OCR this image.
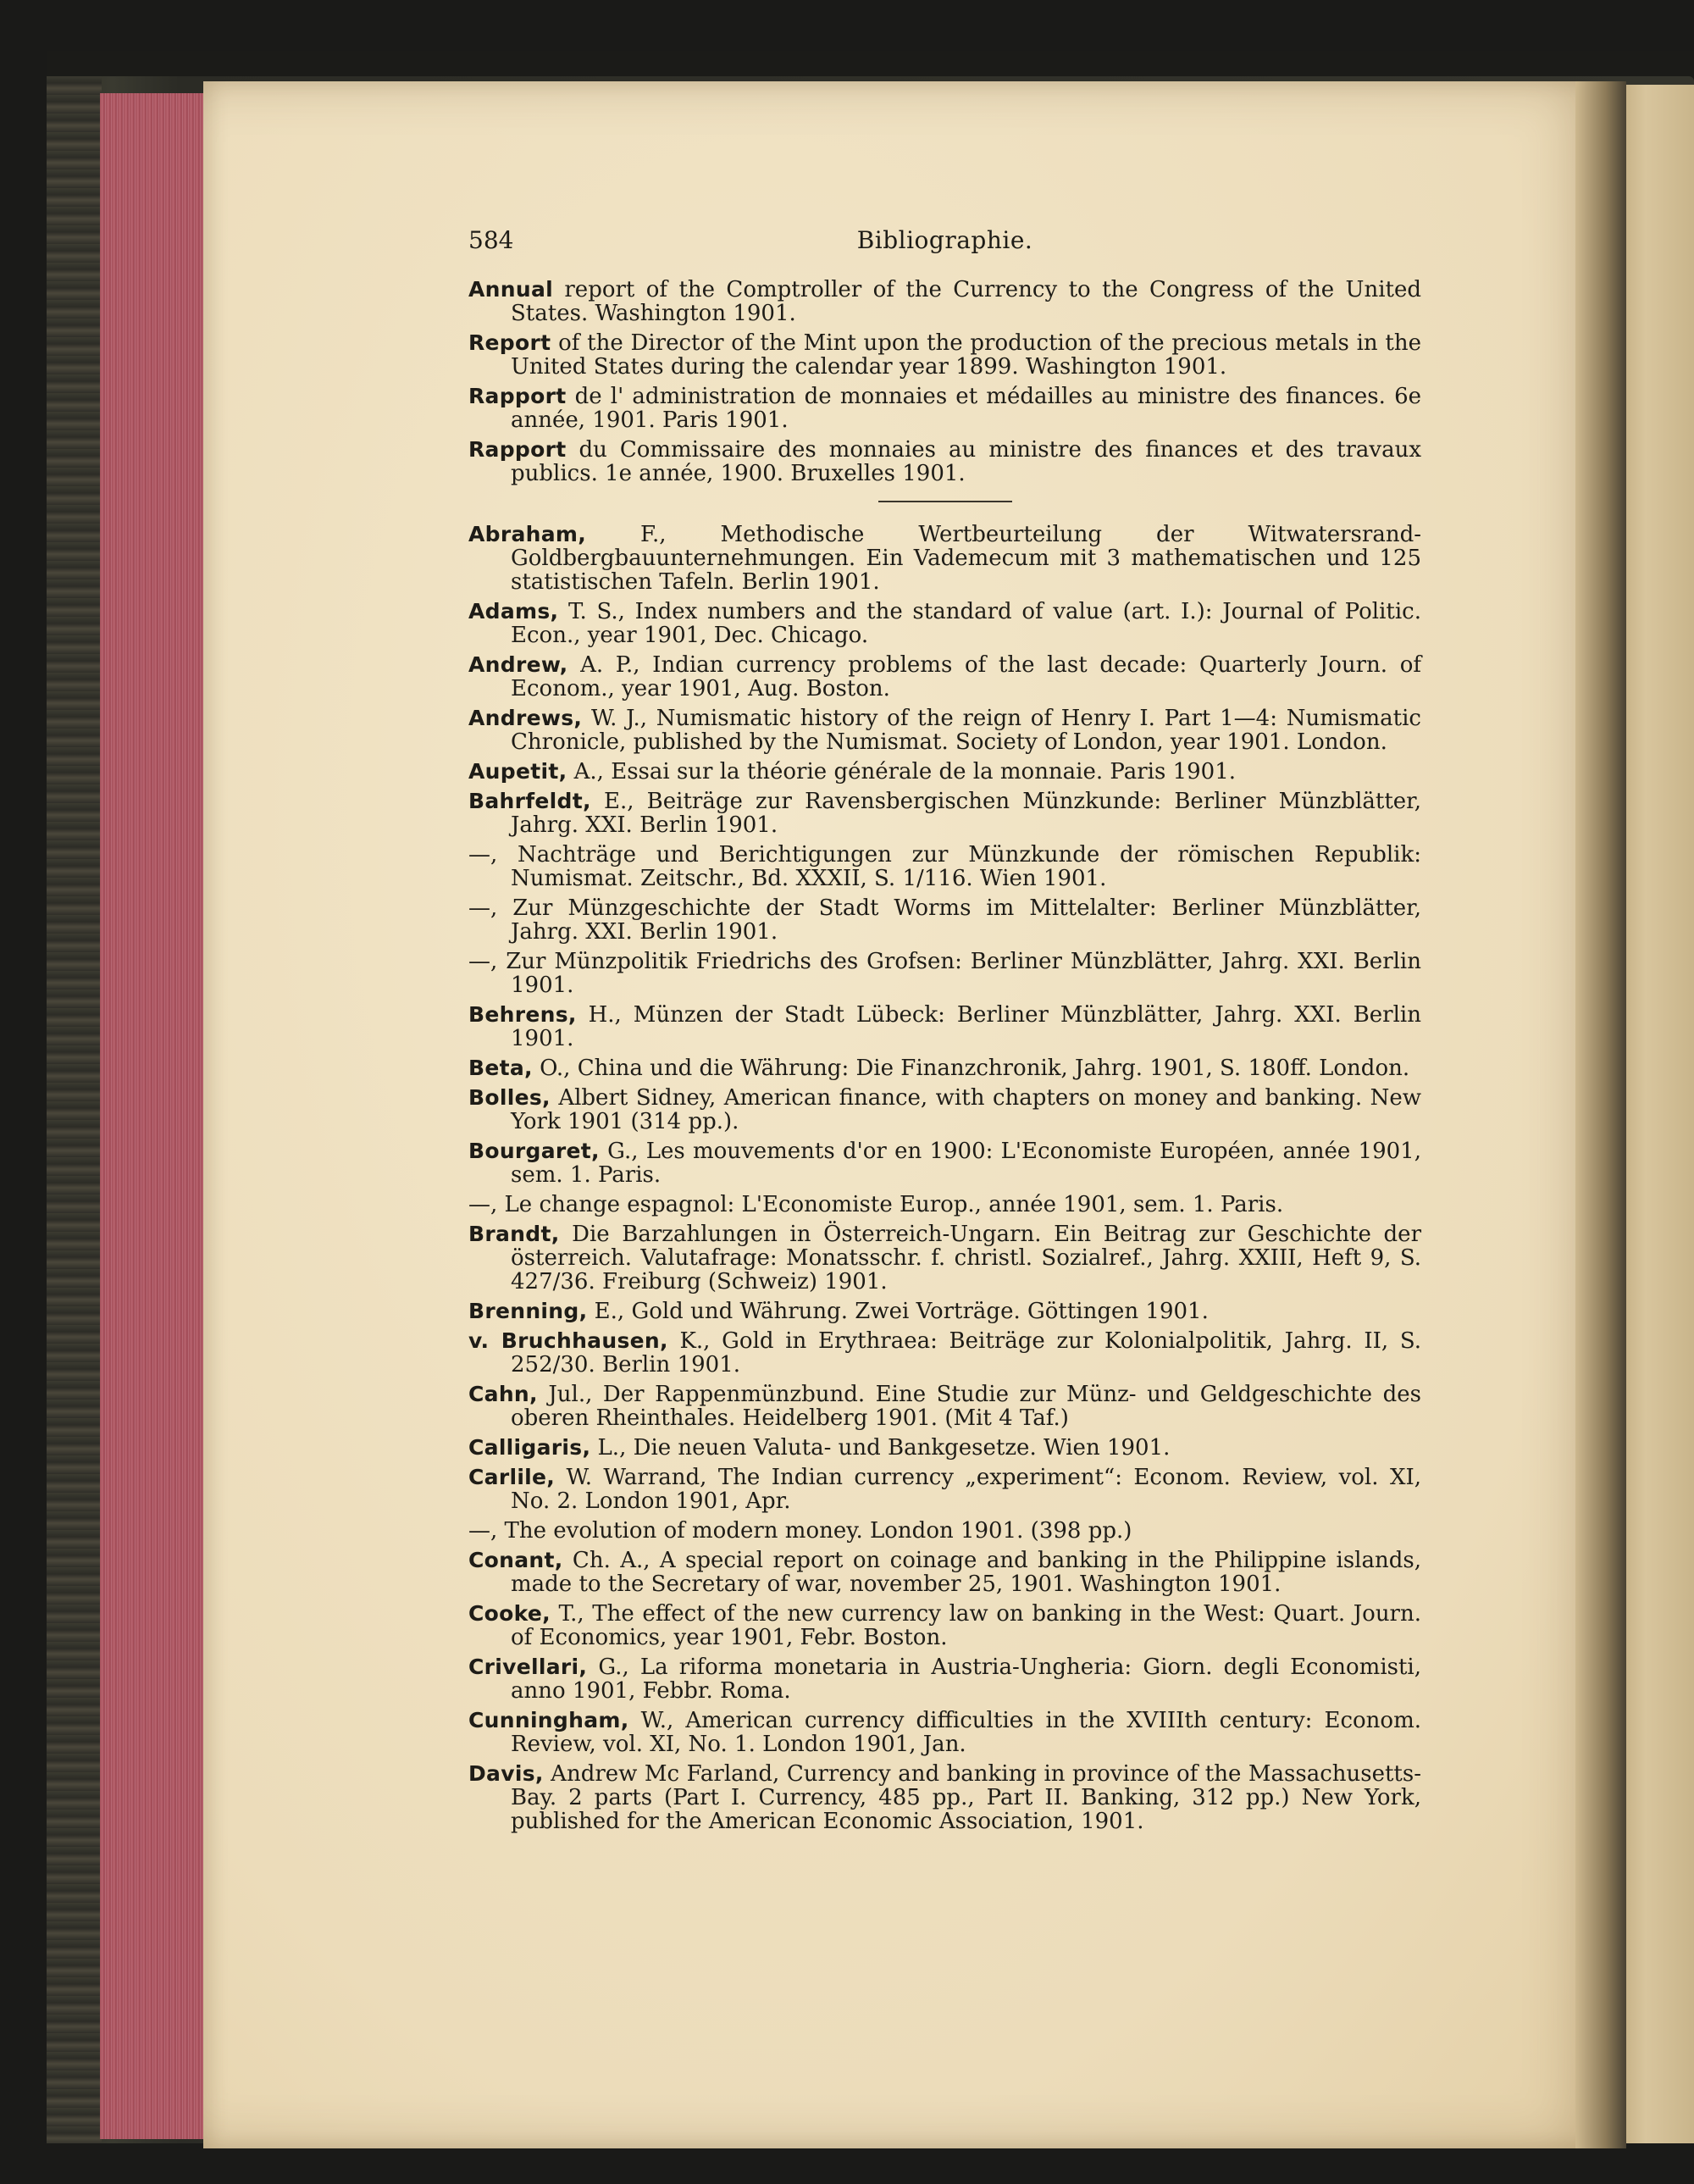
584	Bibliographie.

Annual report of the Comptroller of the Currency to the Congress of the United States. Washington 1901.

Report of the Director of the Mint upon the production of the precious metals in the United States during the calendar year 1899. Washington 1901.

Rapport de l' administration de monnaies et médailles au ministre des finances. 6e année, 1901. Paris 1901.

Rapport du Commissaire des monnaies au ministre des finances et des travaux publics. 1e année, 1900. Bruxelles 1901.

Abraham, F., Methodische Wertbeurteilung der Witwatersrand-Goldbergbauunternehmungen. Ein Vademecum mit 3 mathematischen und 125 statistischen Tafeln. Berlin 1901.

Adams, T. S., Index numbers and the standard of value (art. I.): Journal of Politic. Econ., year 1901, Dec. Chicago.

Andrew, A. P., Indian currency problems of the last decade: Quarterly Journ. of Econom., year 1901, Aug. Boston.

Andrews, W. J., Numismatic history of the reign of Henry I. Part 1—4: Numismatic Chronicle, published by the Numismat. Society of London, year 1901. London.

Aupetit, A., Essai sur la théorie générale de la monnaie. Paris 1901.

Bahrfeldt, E., Beiträge zur Ravensbergischen Münzkunde: Berliner Münzblätter, Jahrg. XXI. Berlin 1901.

—, Nachträge und Berichtigungen zur Münzkunde der römischen Republik: Numismat. Zeitschr., Bd. XXXII, S. 1/116. Wien 1901.

—, Zur Münzgeschichte der Stadt Worms im Mittelalter: Berliner Münzblätter, Jahrg. XXI. Berlin 1901.

—, Zur Münzpolitik Friedrichs des Grofsen: Berliner Münzblätter, Jahrg. XXI. Berlin 1901.

Behrens, H., Münzen der Stadt Lübeck: Berliner Münzblätter, Jahrg. XXI. Berlin 1901.

Beta, O., China und die Währung: Die Finanzchronik, Jahrg. 1901, S. 180ff. London.

Bolles, Albert Sidney, American finance, with chapters on money and banking. New York 1901 (314 pp.).

Bourgaret, G., Les mouvements d'or en 1900: L'Economiste Européen, année 1901, sem. 1. Paris.

—, Le change espagnol: L'Economiste Europ., année 1901, sem. 1. Paris.

Brandt, Die Barzahlungen in Österreich-Ungarn. Ein Beitrag zur Geschichte der österreich. Valutafrage: Monatsschr. f. christl. Sozialref., Jahrg. XXIII, Heft 9, S. 427/36. Freiburg (Schweiz) 1901.

Brenning, E., Gold und Währung. Zwei Vorträge. Göttingen 1901.

v. Bruchhausen, K., Gold in Erythraea: Beiträge zur Kolonialpolitik, Jahrg. II, S. 252/30. Berlin 1901.

Cahn, Jul., Der Rappenmünzbund. Eine Studie zur Münz- und Geldgeschichte des oberen Rheinthales. Heidelberg 1901. (Mit 4 Taf.)

Calligaris, L., Die neuen Valuta- und Bankgesetze. Wien 1901.

Carlile, W. Warrand, The Indian currency „experiment“: Econom. Review, vol. XI, No. 2. London 1901, Apr.

—, The evolution of modern money. London 1901. (398 pp.)

Conant, Ch. A., A special report on coinage and banking in the Philippine islands, made to the Secretary of war, november 25, 1901. Washington 1901.

Cooke, T., The effect of the new currency law on banking in the West: Quart. Journ. of Economics, year 1901, Febr. Boston.

Crivellari, G., La riforma monetaria in Austria-Ungheria: Giorn. degli Economisti, anno 1901, Febbr. Roma.

Cunningham, W., American currency difficulties in the XVIIIth century: Econom. Review, vol. XI, No. 1. London 1901, Jan.

Davis, Andrew Mc Farland, Currency and banking in province of the Massachusetts-Bay. 2 parts (Part I. Currency, 485 pp., Part II. Banking, 312 pp.) New York, published for the American Economic Association, 1901.
